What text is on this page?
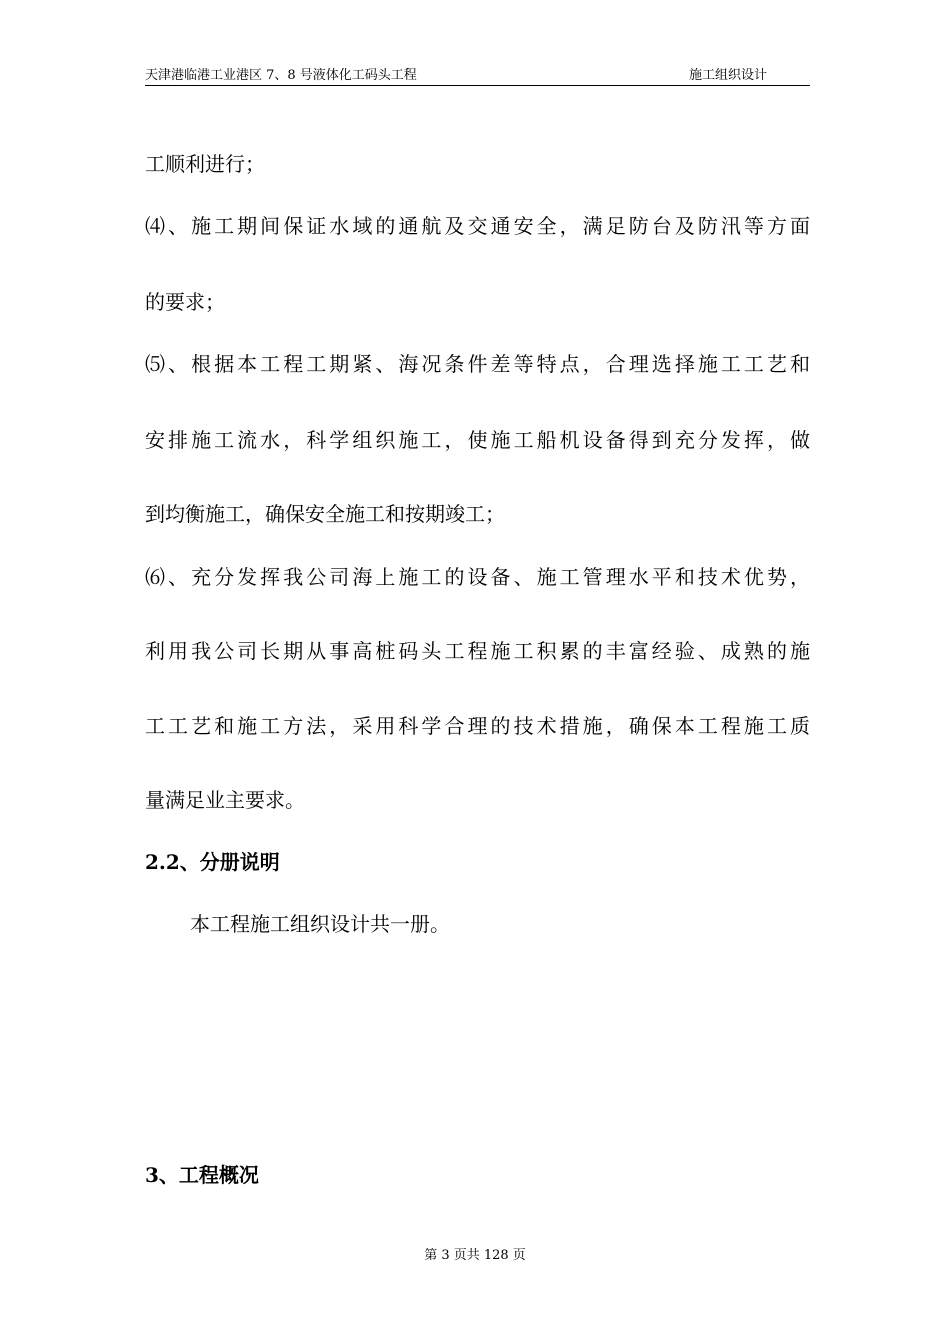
天津港临港工业港区 7、8 号液体化工码头工程	施工组织设计
工顺利进行；
⑷、施工期间保证水域的通航及交通安全，满足防台及防汛等方面
的要求；
⑸、根据本工程工期紧、海况条件差等特点，合理选择施工工艺和
安排施工流水，科学组织施工，使施工船机设备得到充分发挥，做
到均衡施工，确保安全施工和按期竣工；
⑹、充分发挥我公司海上施工的设备、施工管理水平和技术优势，
利用我公司长期从事高桩码头工程施工积累的丰富经验、成熟的施
工工艺和施工方法，采用科学合理的技术措施，确保本工程施工质
量满足业主要求。
2.2、分册说明
本工程施工组织设计共一册。
3、工程概况
第 3 页共 128 页
